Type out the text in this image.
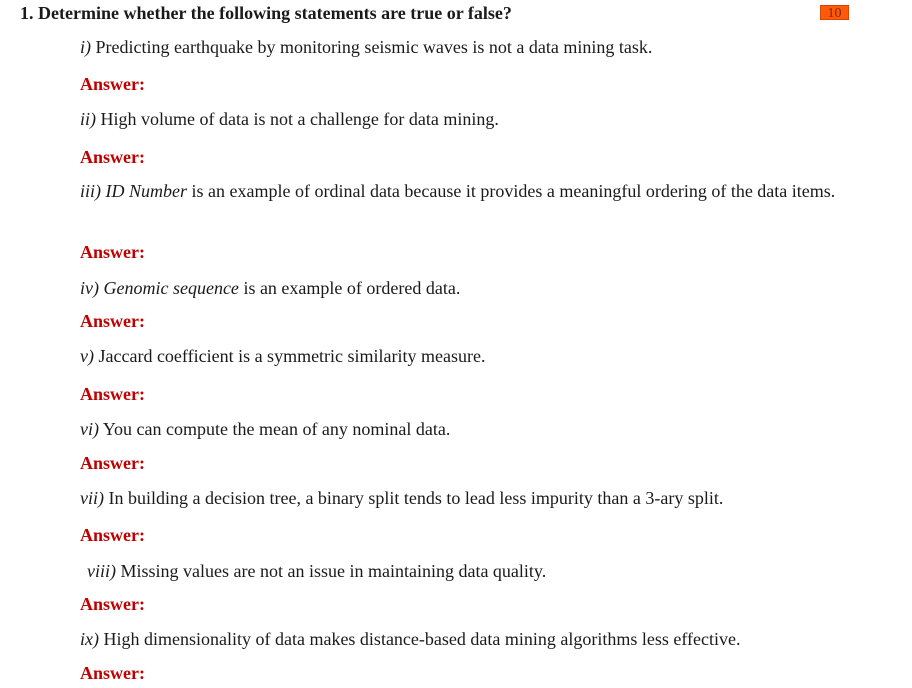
1. Determine whether the following statements are true or false?	10
i) Predicting earthquake by monitoring seismic waves is not a data mining task.
Answer:
ii) High volume of data is not a challenge for data mining.
Answer:
iii) ID Number is an example of ordinal data because it provides a meaningful ordering of the data items.
Answer:
iv) Genomic sequence is an example of ordered data.
Answer:
v) Jaccard coefficient is a symmetric similarity measure.
Answer:
vi) You can compute the mean of any nominal data.
Answer:
vii) In building a decision tree, a binary split tends to lead less impurity than a 3-ary split.
Answer:
viii) Missing values are not an issue in maintaining data quality.
Answer:
ix) High dimensionality of data makes distance-based data mining algorithms less effective.
Answer:
